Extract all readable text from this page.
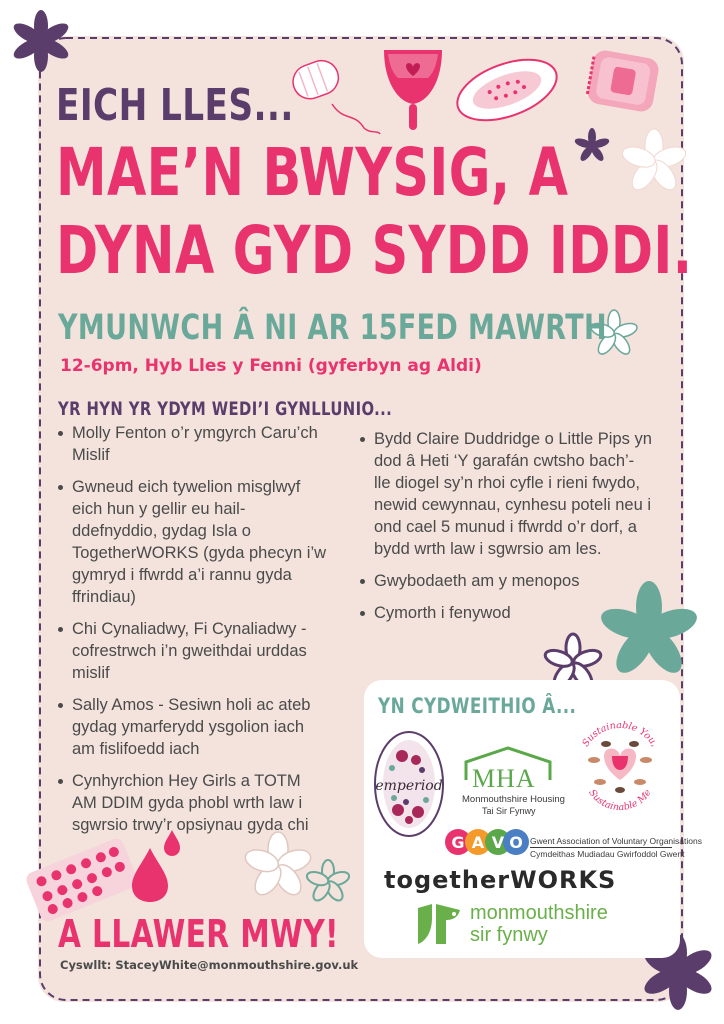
EICH LLES...
MAE’N BWYSIG, A
DYNA GYD SYDD IDDI.
YMUNWCH Â NI AR 15FED MAWRTH
12-6pm, Hyb Lles y Fenni (gyferbyn ag Aldi)
YR HYN YR YDYM WEDI’I GYNLLUNIO...
Molly Fenton o’r ymgyrch Caru’ch Mislif
Gwneud eich tywelion misglwyf eich hun y gellir eu hail-ddefnyddio, gydag Isla o TogetherWORKS (gyda phecyn i’w gymryd i ffwrdd a’i rannu gyda ffrindiau)
Chi Cynaliadwy, Fi Cynaliadwy - cofrestrwch i’n gweithdai urddas mislif
Sally Amos - Sesiwn holi ac ateb gydag ymarferydd ysgolion iach am fislifoedd iach
Cynhyrchion Hey Girls a TOTM AM DDIM gyda phobl wrth law i sgwrsio trwy’r opsiynau gyda chi
Bydd Claire Duddridge o Little Pips yn dod â Heti ‘Y garafán cwtsho bach’- lle diogel sy’n rhoi cyfle i rieni fwydo, newid cewynnau, cynhesu poteli neu i ond cael 5 munud i ffwrdd o’r dorf, a bydd wrth law i sgwrsio am les.
Gwybodaeth am y menopos
Cymorth i fenywod
YN CYDWEITHIO Â...
emperiod MHA
Monmouthshire Housing
Tai Sir Fynwy
Sustainable You,
Sustainable Me
G A V O Gwent Association of Voluntary Organisations
Cymdeithas Mudiadau Gwirfoddol Gwent
togetherWORKS
monmouthshire
sir fynwy
A LLAWER MWY!
Cyswllt: StaceyWhite@monmouthshire.gov.uk
